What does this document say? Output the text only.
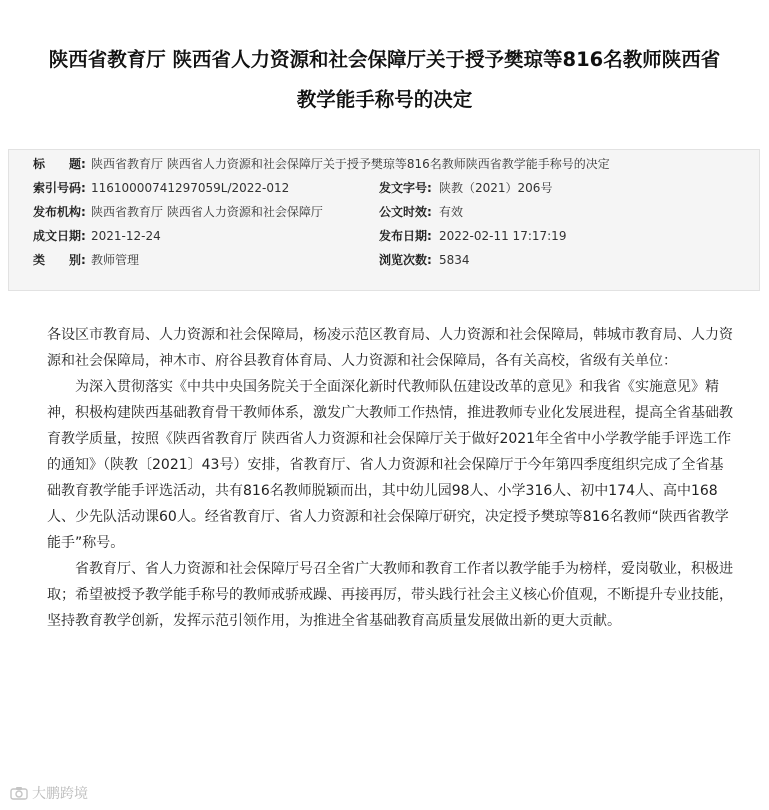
陕西省教育厅 陕西省人力资源和社会保障厅关于授予樊琼等816名教师陕西省
教学能手称号的决定
标　　题: 陕西省教育厅 陕西省人力资源和社会保障厅关于授予樊琼等816名教师陕西省教学能手称号的决定
索引号码: 11610000741297059L/2022-012	发文字号: 陕教（2021）206号
发布机构: 陕西省教育厅 陕西省人力资源和社会保障厅	公文时效: 有效
成文日期: 2021-12-24	发布日期: 2022-02-11 17:17:19
类　　别: 教师管理	浏览次数: 5834

各设区市教育局、人力资源和社会保障局，杨凌示范区教育局、人力资源和社会保障局，韩城市教育局、人力资源和社会保障局，神木市、府谷县教育体育局、人力资源和社会保障局，各有关高校，省级有关单位：

为深入贯彻落实《中共中央国务院关于全面深化新时代教师队伍建设改革的意见》和我省《实施意见》精神，积极构建陕西基础教育骨干教师体系，激发广大教师工作热情，推进教师专业化发展进程，提高全省基础教育教学质量，按照《陕西省教育厅 陕西省人力资源和社会保障厅关于做好2021年全省中小学教学能手评选工作的通知》（陕教〔2021〕43号）安排，省教育厅、省人力资源和社会保障厅于今年第四季度组织完成了全省基础教育教学能手评选活动，共有816名教师脱颖而出，其中幼儿园98人、小学316人、初中174人、高中168人、少先队活动课60人。经省教育厅、省人力资源和社会保障厅研究，决定授予樊琼等816名教师“陕西省教学能手”称号。

省教育厅、省人力资源和社会保障厅号召全省广大教师和教育工作者以教学能手为榜样，爱岗敬业，积极进取；希望被授予教学能手称号的教师戒骄戒躁、再接再厉，带头践行社会主义核心价值观，不断提升专业技能，坚持教育教学创新，发挥示范引领作用，为推进全省基础教育高质量发展做出新的更大贡献。

大鹏跨境
